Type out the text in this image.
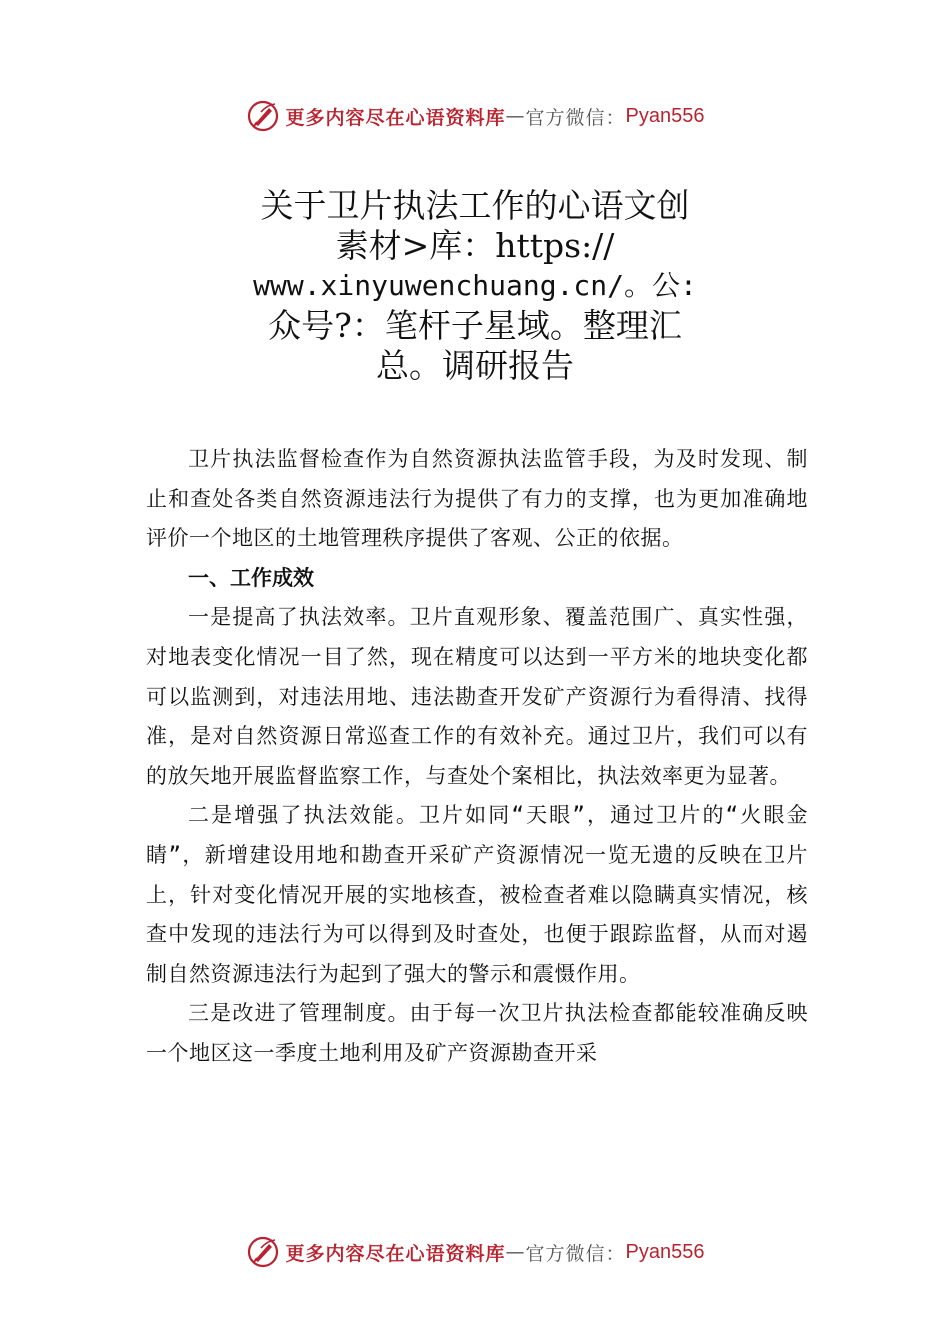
更多内容尽在心语资料库 — 官方微信： Pyan556
关于卫片执法工作的心语文创
素材>库：https://
www.xinyuwenchuang.cn/。公:
众号?：笔杆子星域。整理汇
总。调研报告

卫片执法监督检查作为自然资源执法监管手段，为及时发现、制止和查处各类自然资源违法行为提供了有力的支撑，也为更加准确地评价一个地区的土地管理秩序提供了客观、公正的依据。

一、工作成效

一是提高了执法效率。卫片直观形象、覆盖范围广、真实性强，对地表变化情况一目了然，现在精度可以达到一平方米的地块变化都可以监测到，对违法用地、违法勘查开发矿产资源行为看得清、找得准，是对自然资源日常巡查工作的有效补充。通过卫片，我们可以有的放矢地开展监督监察工作，与查处个案相比，执法效率更为显著。

二是增强了执法效能。卫片如同“天眼”，通过卫片的“火眼金睛”，新增建设用地和勘查开采矿产资源情况一览无遗的反映在卫片上，针对变化情况开展的实地核查，被检查者难以隐瞒真实情况，核查中发现的违法行为可以得到及时查处，也便于跟踪监督，从而对遏制自然资源违法行为起到了强大的警示和震慑作用。

三是改进了管理制度。由于每一次卫片执法检查都能较准确反映一个地区这一季度土地利用及矿产资源勘查开采

更多内容尽在心语资料库 — 官方微信： Pyan556
